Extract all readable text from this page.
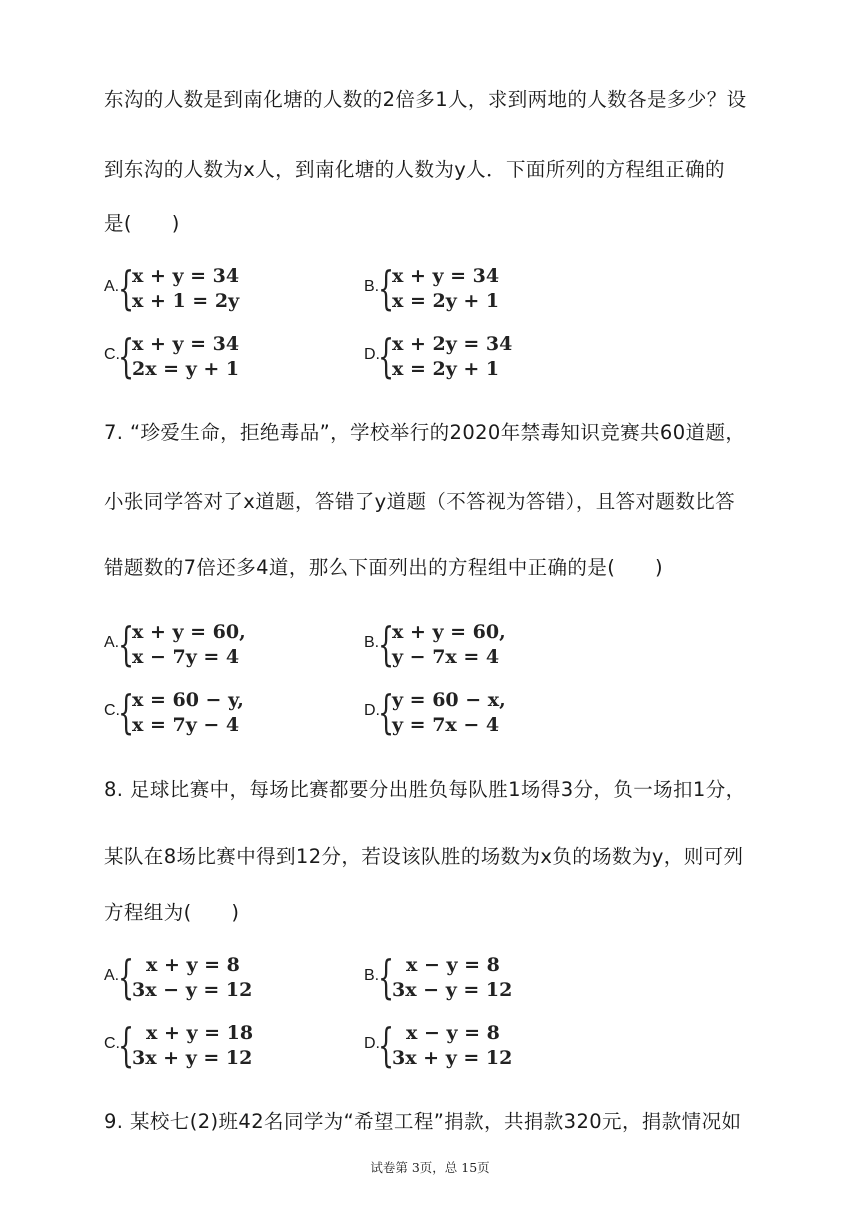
东沟的人数是到南化塘的人数的2倍多1人，求到两地的人数各是多少？设
到东沟的人数为x人，到南化塘的人数为y人．下面所列的方程组正确的
是(　　)
A.
{
x + y = 34
x + 1 = 2y
B.
{
x + y = 34
x = 2y + 1
C.
{
x + y = 34
2x = y + 1
D.
{
x + 2y = 34
x = 2y + 1
7. “珍爱生命，拒绝毒品”，学校举行的2020年禁毒知识竞赛共60道题，
小张同学答对了x道题，答错了y道题（不答视为答错），且答对题数比答
错题数的7倍还多4道，那么下面列出的方程组中正确的是(　　)
A.
{
x + y = 60,
x − 7y = 4
B.
{
x + y = 60,
y − 7x = 4
C.
{
x = 60 − y,
x = 7y − 4
D.
{
y = 60 − x,
y = 7x − 4
8. 足球比赛中，每场比赛都要分出胜负每队胜1场得3分，负一场扣1分，
某队在8场比赛中得到12分，若设该队胜的场数为x负的场数为y，则可列
方程组为(　　)
A.
{ x + y = 8
3x − y = 12
B.
{ x − y = 8
3x − y = 12
C.
{ x + y = 18
3x + y = 12
D.
{ x − y = 8
3x + y = 12
9. 某校七(2)班42名同学为“希望工程”捐款，共捐款320元，捐款情况如
试卷第 3页，总 15页
